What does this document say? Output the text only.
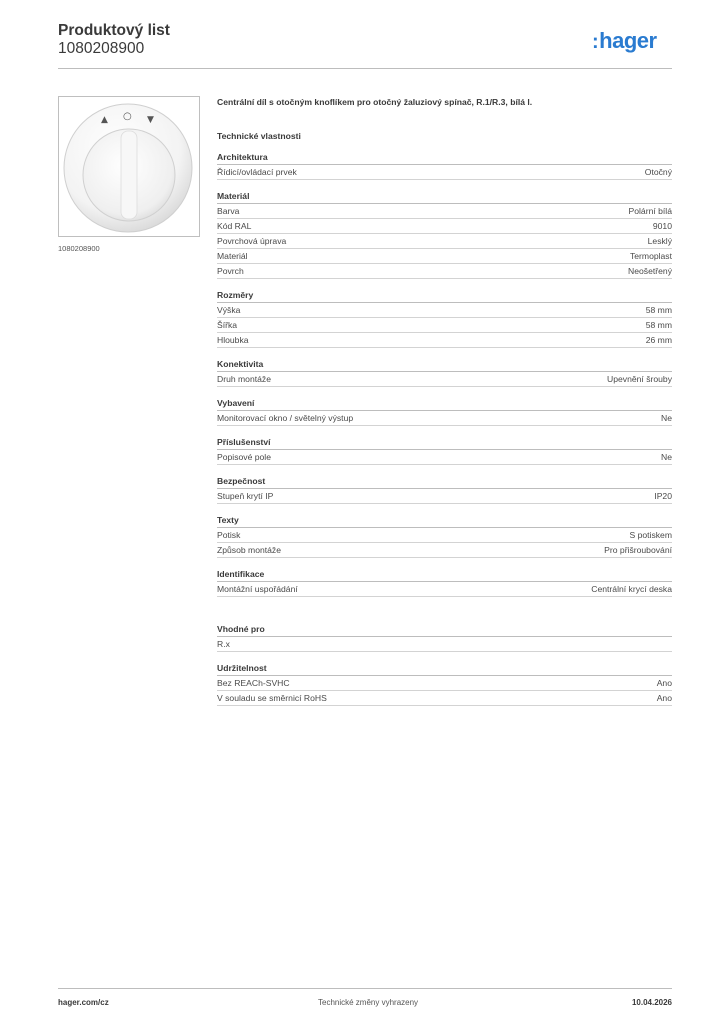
Produktový list
1080208900	:hager
▲ ○ ▼
1080208900
Centrální díl s otočným knoflíkem pro otočný žaluziový spínač, R.1/R.3, bílá l.
Technické vlastnosti
Architektura
Řídicí/ovládací prvek	Otočný
Materiál
Barva	Polární bílá
Kód RAL	9010
Povrchová úprava	Lesklý
Materiál	Termoplast
Povrch	Neošetřený
Rozměry
Výška	58 mm
Šířka	58 mm
Hloubka	26 mm
Konektivita
Druh montáže	Upevnění šrouby
Vybavení
Monitorovací okno / světelný výstup	Ne
Příslušenství
Popisové pole	Ne
Bezpečnost
Stupeň krytí IP	IP20
Texty
Potisk	S potiskem
Způsob montáže	Pro přišroubování
Identifikace
Montážní uspořádání	Centrální krycí deska
Vhodné pro
R.x
Udržitelnost
Bez REACh-SVHC	Ano
V souladu se směrnicí RoHS	Ano
hager.com/cz	Technické změny vyhrazeny	10.04.2026
